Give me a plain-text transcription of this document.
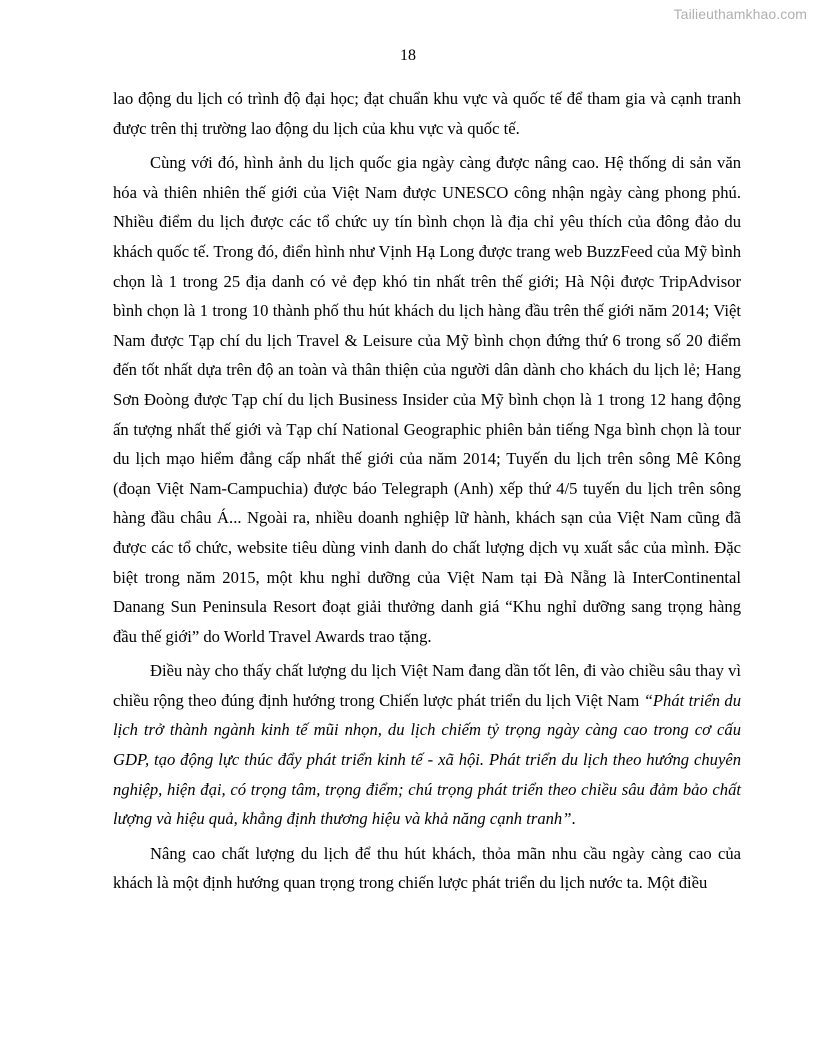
Tailieuthamkhao.com
18

lao động du lịch có trình độ đại học; đạt chuẩn khu vực và quốc tế để tham gia và cạnh tranh được trên thị trường lao động du lịch của khu vực và quốc tế.

Cùng với đó, hình ảnh du lịch quốc gia ngày càng được nâng cao. Hệ thống di sản văn hóa và thiên nhiên thế giới của Việt Nam được UNESCO công nhận ngày càng phong phú. Nhiều điểm du lịch được các tổ chức uy tín bình chọn là địa chỉ yêu thích của đông đảo du khách quốc tế. Trong đó, điển hình như Vịnh Hạ Long được trang web BuzzFeed của Mỹ bình chọn là 1 trong 25 địa danh có vẻ đẹp khó tin nhất trên thế giới; Hà Nội được TripAdvisor bình chọn là 1 trong 10 thành phố thu hút khách du lịch hàng đầu trên thế giới năm 2014; Việt Nam được Tạp chí du lịch Travel & Leisure của Mỹ bình chọn đứng thứ 6 trong số 20 điểm đến tốt nhất dựa trên độ an toàn và thân thiện của người dân dành cho khách du lịch lẻ; Hang Sơn Đoòng được Tạp chí du lịch Business Insider của Mỹ bình chọn là 1 trong 12 hang động ấn tượng nhất thế giới và Tạp chí National Geographic phiên bản tiếng Nga bình chọn là tour du lịch mạo hiểm đẳng cấp nhất thế giới của năm 2014; Tuyến du lịch trên sông Mê Kông (đoạn Việt Nam-Campuchia) được báo Telegraph (Anh) xếp thứ 4/5 tuyến du lịch trên sông hàng đầu châu Á... Ngoài ra, nhiều doanh nghiệp lữ hành, khách sạn của Việt Nam cũng đã được các tổ chức, website tiêu dùng vinh danh do chất lượng dịch vụ xuất sắc của mình. Đặc biệt trong năm 2015, một khu nghỉ dưỡng của Việt Nam tại Đà Nẵng là InterContinental Danang Sun Peninsula Resort đoạt giải thưởng danh giá “Khu nghỉ dưỡng sang trọng hàng đầu thế giới” do World Travel Awards trao tặng.

Điều này cho thấy chất lượng du lịch Việt Nam đang dần tốt lên, đi vào chiều sâu thay vì chiều rộng theo đúng định hướng trong Chiến lược phát triển du lịch Việt Nam “Phát triển du lịch trở thành ngành kinh tế mũi nhọn, du lịch chiếm tỷ trọng ngày càng cao trong cơ cấu GDP, tạo động lực thúc đẩy phát triển kinh tế - xã hội. Phát triển du lịch theo hướng chuyên nghiệp, hiện đại, có trọng tâm, trọng điểm; chú trọng phát triển theo chiều sâu đảm bảo chất lượng và hiệu quả, khẳng định thương hiệu và khả năng cạnh tranh”.

Nâng cao chất lượng du lịch để thu hút khách, thỏa mãn nhu cầu ngày càng cao của khách là một định hướng quan trọng trong chiến lược phát triển du lịch nước ta. Một điều
